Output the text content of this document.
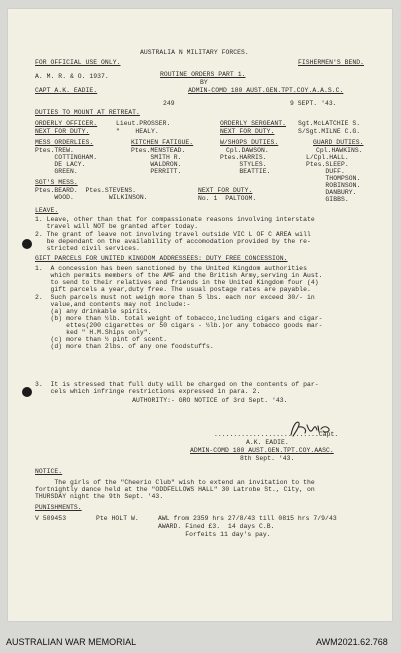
AUSTRALIA N MILITARY FORCES.
FOR OFFICIAL USE ONLY.	FISHERMEN'S BEND.
A. M. R. & O. 1937.	ROUTINE ORDERS PART 1.
BY
CAPT A.K. EADIE.	ADMIN-COMD 180 AUST.GEN.TPT.COY.A.A.S.C.
249	9 SEPT. '43.
DUTIES TO MOUNT AT RETREAT.
ORDERLY OFFICER.	Lieut.PROSSER.
NEXT FOR DUTY.	"    HEALY.
ORDERLY SERGEANT. Sgt.McLATCHIE S.
NEXT FOR DUTY.	S/Sgt.MILNE C.G.
MESS ORDERLIES.
Ptes.TREW.
COTTINGHAM.
DE LACY.
GREEN.
KITCHEN FATIGUE.
Ptes.MENSTEAD.
SMITH R.
WALDRON.
PERRITT.
W/SHOPS DUTIES.
Cpl.DAWSON.
Ptes.HARRIS.
STYLES.
BEATTIE.
GUARD DUTIES.
Cpl.HAWKINS.
L/Cpl.HALL.
Ptes.SLEEP.
DUFF.
THOMPSON.
ROBINSON.
DANBURY.
GIBBS.
SGT'S MESS.
Ptes.BEARD.  Ptes.STEVENS.
WOOD.         WILKINSON.
NEXT FOR DUTY.
No. 1  PALTOOM.
LEAVE.
1. Leave, other than that for compassionate reasons involving interstate
travel will NOT be granted after today.
2. The grant of leave not involving travel outside VIC L OF C AREA will
be dependant on the availability of accomodation provided by the re-
stricted civil services.
GIFT PARCELS FOR UNITED KINGDOM ADDRESSEES: DUTY FREE CONCESSION.
1.  A concession has been sanctioned by the United Kingdom authorities
which permits members of the AMF and the British Army,serving in Aust.
to send to their relatives and friends in the United Kingdom four (4)
gift parcels a year,duty free. The usual postage rates are payable.
2.  Such parcels must not weigh more than 5 lbs. each nor exceed 30/- in
value,and contents may not include:-
(a) any drinkable spirits.
(b) more than ½lb. total weight of tobacco,including cigars and cigar-
ettes(200 cigarettes or 50 cigars - ½lb.)or any tobacco goods mar-
ked " H.M.Ships only".
(c) more than ½ pint of scent.
(d) more than 2lbs. of any one foodstuffs.
3.  It is stressed that full duty will be charged on the contents of par-
cels which infringe restrictions expressed in para. 2.
AUTHORITY:- GRO NOTICE of 3rd Sept. '43.
...........................Capt.
A.K. EADIE.
ADMIN-COMD 180 AUST.GEN.TPT.COY.AASC.
8th Sept. '43.
NOTICE.
The girls of the "Cheerio Club" wish to extend an invitation to the
fortnightly dance held at the "ODDFELLOWS HALL" 30 Latrobe St., City, on
THURSDAY night the 9th Sept. '43.
PUNISHMENTS.
V 509453	Pte HOLT W.	AWL from 2359 hrs 27/8/43 till 0815 hrs 7/9/43
AWARD. Fined £3.  14 days C.B.
Forfeits 11 day's pay.
AUSTRALIAN WAR MEMORIAL	AWM2021.62.768
